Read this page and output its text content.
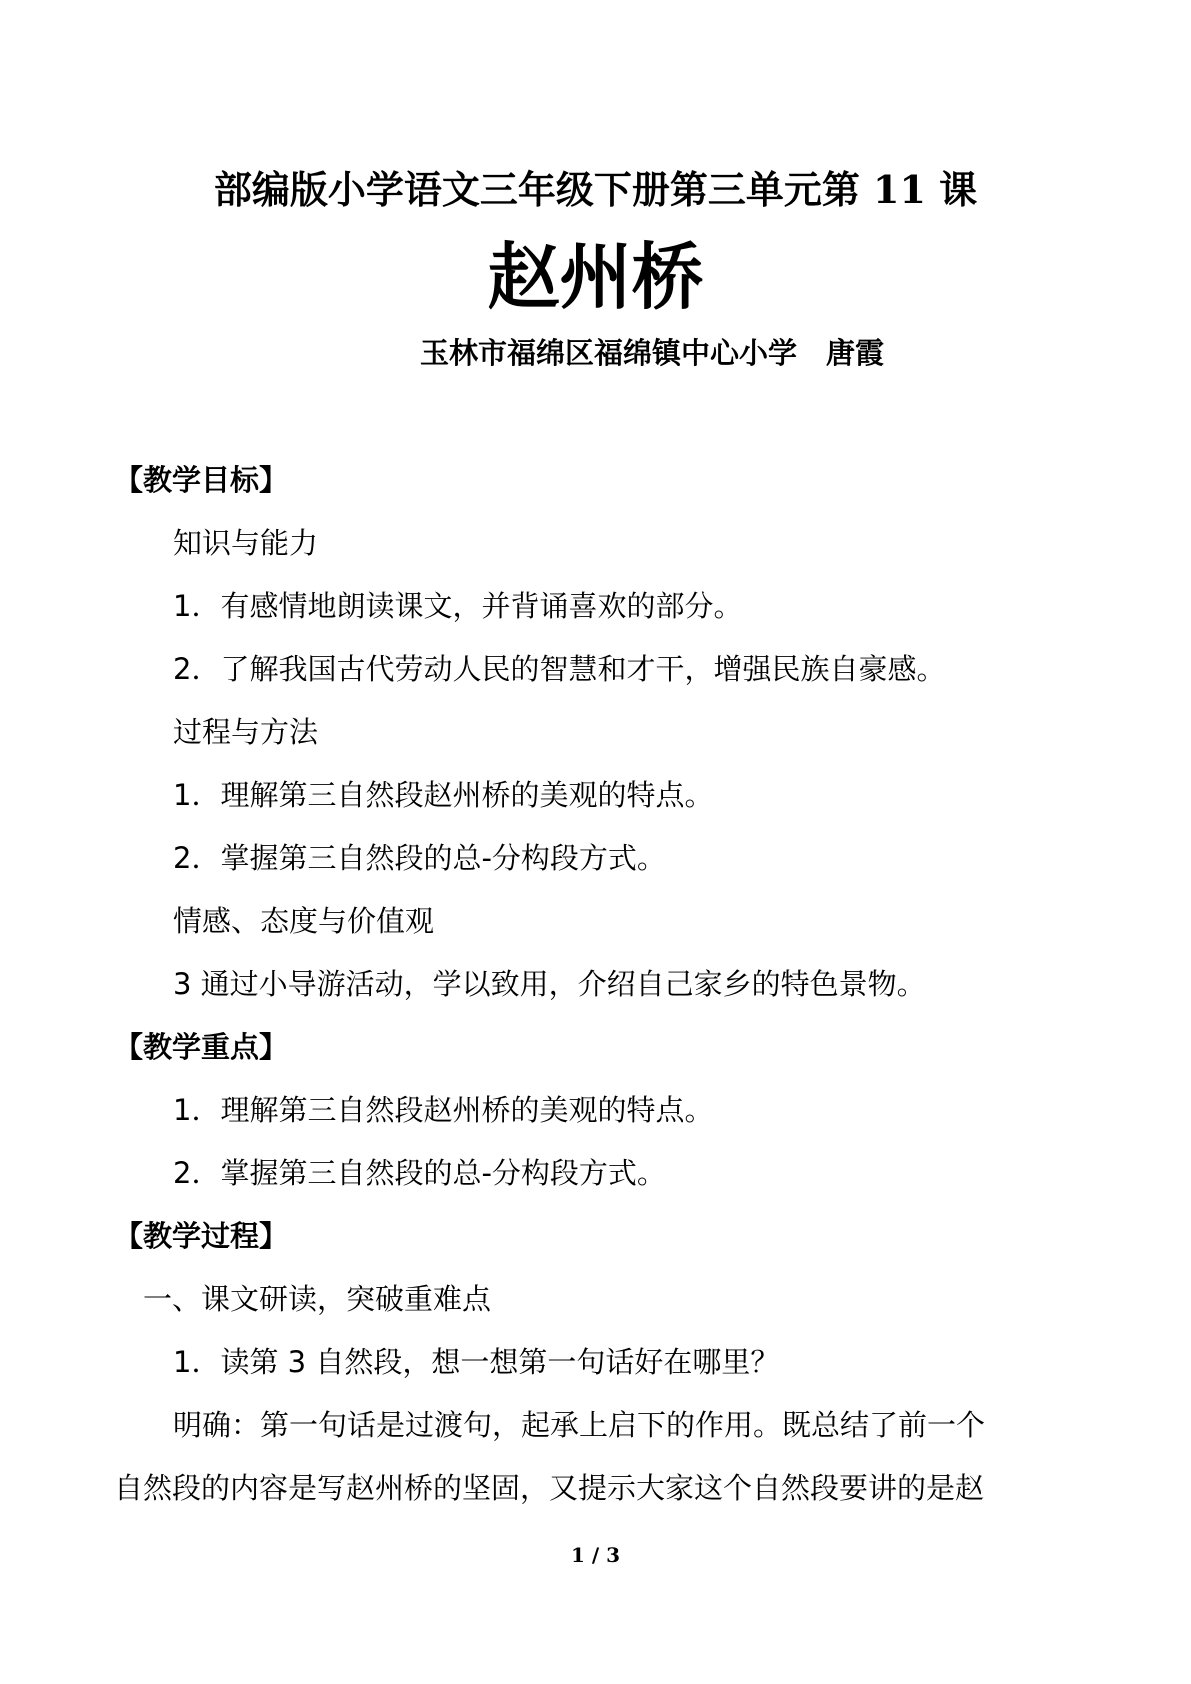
部编版小学语文三年级下册第三单元第 11 课
赵州桥
玉林市福绵区福绵镇中心小学　唐霞
【教学目标】
知识与能力
1．有感情地朗读课文，并背诵喜欢的部分。
2．了解我国古代劳动人民的智慧和才干，增强民族自豪感。
过程与方法
1．理解第三自然段赵州桥的美观的特点。
2．掌握第三自然段的总-分构段方式。
情感、态度与价值观
3 通过小导游活动，学以致用，介绍自己家乡的特色景物。
【教学重点】
1．理解第三自然段赵州桥的美观的特点。
2．掌握第三自然段的总-分构段方式。
【教学过程】
一、课文研读，突破重难点
1．读第 3 自然段，想一想第一句话好在哪里？
明确：第一句话是过渡句，起承上启下的作用。既总结了前一个
自然段的内容是写赵州桥的坚固，又提示大家这个自然段要讲的是赵
1 / 3
